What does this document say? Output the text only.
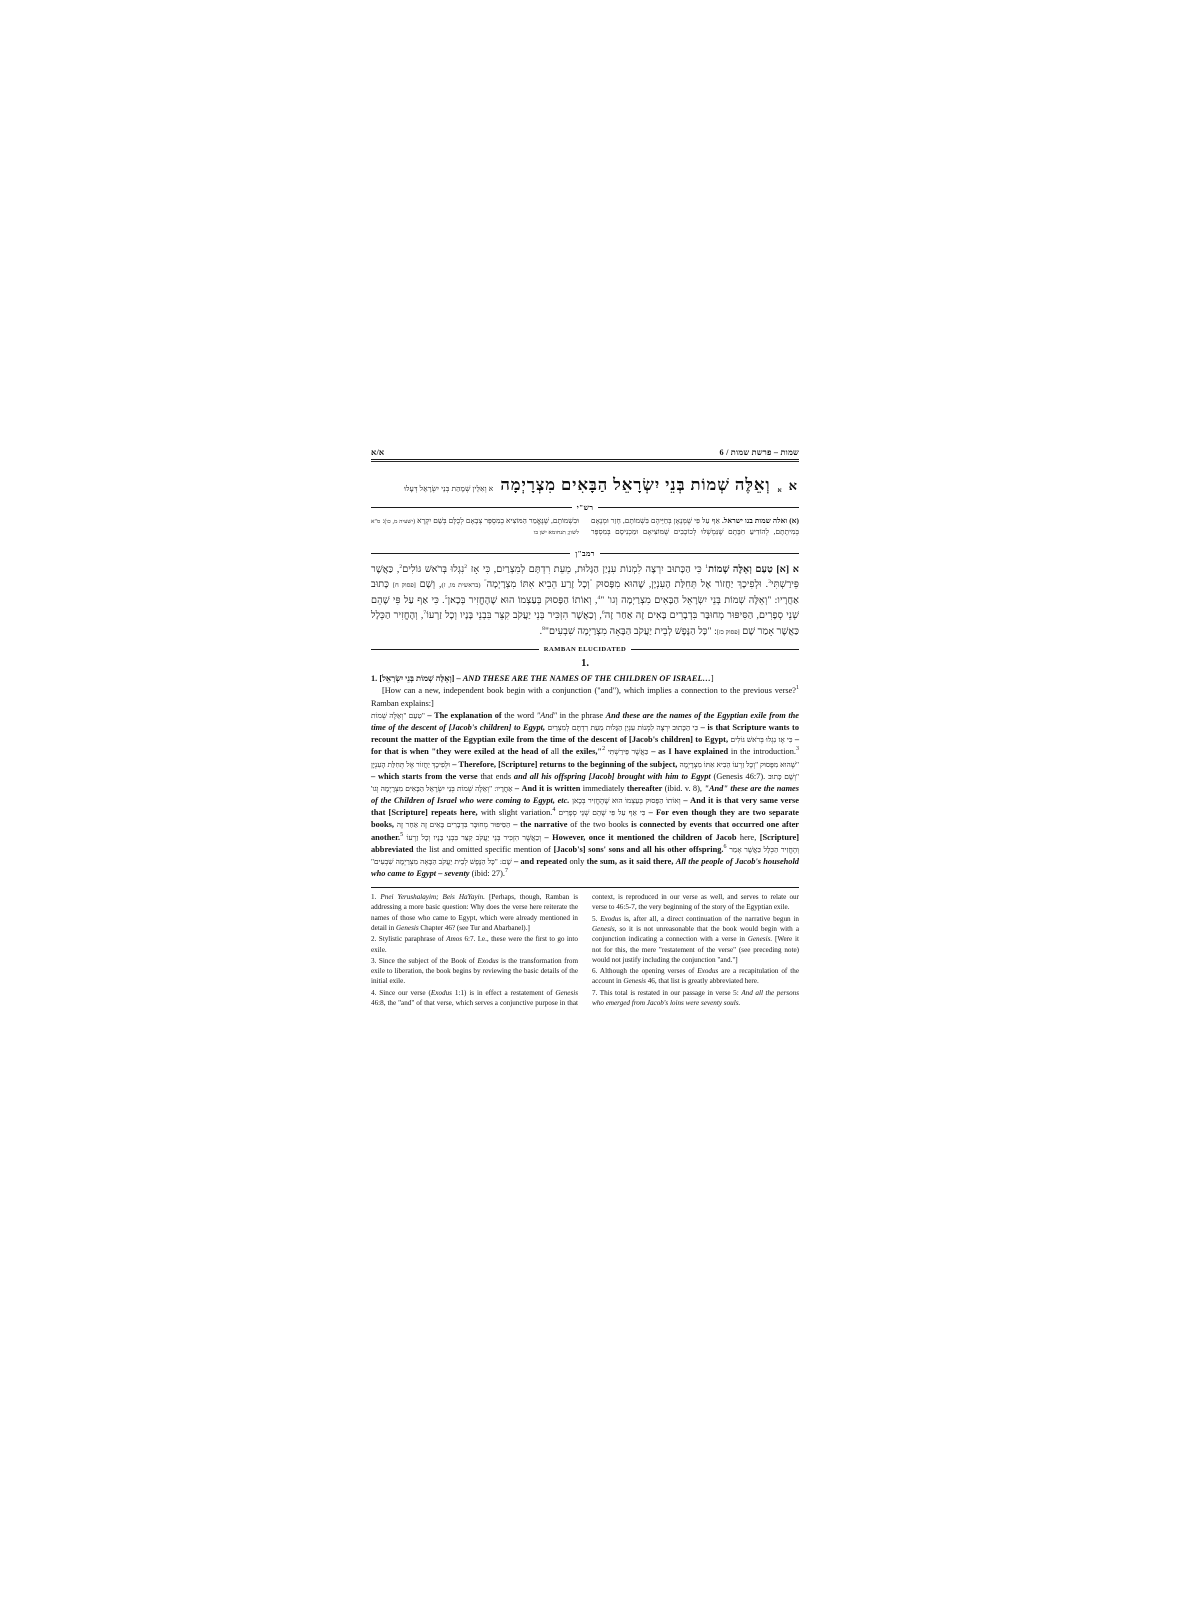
א/א	שמות – פרשת שמות / 6
א
א
וְאֵלֶּה שְׁמוֹת בְּנֵי יִשְׂרָאֵל הַבָּאִים מִצְרָיְמָה
א וְאִלֵּין שְׁמָהַת בְּנֵי יִשְׂרָאֵל דְּעָלוּ
רש"י
(א) ואלה שמות בנו ישראל. אַף עַל פִּי שֶׁמְּנָאָן בְּחַיֵּיהֶם בִּשְׁמוֹתָם, חָזַר וּמְנָאָם בְּמִיתָתָם, לְהוֹדִיעַ חִבָּתָם שֶׁנִּמְשְׁלוּ לְכוֹכָבִים שֶׁמּוֹצִיאָם וּמַכְנִיסָם בְּמִסְפָּר וּבִשְׁמוֹתָם, שֶׁנֶּאֱמַר הַמּוֹצִיא בְמִסְפָּר צְבָאָם לְכֻלָּם בְּשֵׁם יִקְרָא (ישעיה מ, כו): ס"א לשון; תנחומא ישן בו
רמב"ן
א [א] טַעַם וְאֵלֶּה שְׁמוֹת$^1$ כִּי הַכָּתוּב יִרְצֶה לִמְנוֹת עִנְיַן הַגָּלוּת, מֵעֵת רִדְתָּם לְמִצְרַיִם, כִּי אָז $^2$נִגְלוּ בְּרֹאשׁ גּוֹלִים$^2$, כַּאֲשֶׁר פֵּירַשְׁתִּי$^3$. וּלְפִיכָךְ יַחֲזוֹר אֶל תְּחִלַּת הָעִנְיָן, שֶׁהוּא מִפָּסוּק "וְכָל זֶרַע הֵבִיא אִתּוֹ מִצְרָיְמָה" (בראשית מו, ז), וְשָׁם [פסוק ח] כָּתוּב אַחֲרָיו: "וְאֵלֶּה שְׁמוֹת בְּנֵי יִשְׂרָאֵל הַבָּאִים מִצְרַיְמָה וְגו' "$^4$, וְאוֹתוֹ הַפָּסוּק בְּעַצְמוֹ הוּא שֶׁהֶחֱזִיר בְּכָאן$^5$. כִּי אַף עַל פִּי שֶׁהֵם שְׁנֵי סְפָרִים, הַסִּיפּוּר מְחוּבָּר בִּדְבָרִים בָּאִים זֶה אַחַר זֶה$^6$, וְכַאֲשֶׁר הִזְכִּיר בְּנֵי יַעֲקֹב קִצֵּר בִּבְנֵי בָּנָיו וְכָל זַרְעוֹ$^7$, וְהֶחֱזִיר הַכְּלָל כַּאֲשֶׁר אָמַר שָׁם [פסוק כז]: "כָּל הַנֶּפֶשׁ לְבֵית יַעֲקֹב הַבָּאָה מִצְרַיְמָה שִׁבְעִים"$^8$.
RAMBAN ELUCIDATED
1.

1. [וְאֵלֶּה שְׁמוֹת בְּנֵי יִשְׂרָאֵל] – AND THESE ARE THE NAMES OF THE CHILDREN OF ISRAEL…]

[How can a new, independent book begin with a conjunction ("and"), which implies a connection to the previous verse?$^1$ Ramban explains:]

"טַעַם "וְאֵלֶּה שְׁמוֹת – The explanation of the word "And" in the phrase And these are the names of the Egyptian exile from the time of the descent of [Jacob's children] to Egypt, כִּי הַכָּתוּב יִרְצֶה לִמְנוֹת עִנְיַן הַגָּלוּת מֵעֵת רִדְתָּם לְמִצְרַיִם – is that Scripture wants to recount the matter of the Egyptian exile from the time of the descent of [Jacob's children] to Egypt, כִּי אָז נִגְלוּ בְּרֹאשׁ גּוֹלִים – for that is when "they were exiled at the head of all the exiles,"$^2$ כַּאֲשֶׁר פֵּירַשְׁתִּי – as I have explained in the introduction.$^3$ וּלְפִיכָךְ יַחֲזוֹר אֶל תְּחִלַּת הָעִנְיָן – Therefore, [Scripture] returns to the beginning of the subject, "שֶׁהוּא מִפָּסוּק "וְכָל זַרְעוֹ הֵבִיא אִתּוֹ מִצְרָיְמָה – which starts from the verse that ends and all his offspring [Jacob] brought with him to Egypt (Genesis 46:7). "וְשָׁם כָּתוּב אַחֲרָיו: "וְאֵלֶּה שְׁמוֹת בְּנֵי יִשְׂרָאֵל הַבָּאִים מִצְרָיְמָה וְגו' – And it is written immediately thereafter (ibid. v. 8), "And" these are the names of the Children of Israel who were coming to Egypt, etc. וְאוֹתוֹ הַפָּסוּק בְּעַצְמוֹ הוּא שֶׁהֶחֱזִיר בְּכָאן – And it is that very same verse that [Scripture] repeats here, with slight variation.$^4$ כִּי אַף עַל פִּי שֶׁהֵם שְׁנֵי סְפָרִים – For even though they are two separate books, הַסִּיפּוּר מְחוּבָּר בִּדְבָרִים בָּאִים זֶה אַחַר זֶה – the narrative of the two books is connected by events that occurred one after another.$^5$ וְכַאֲשֶׁר הִזְכִּיר בְּנֵי יַעֲקֹב קִצֵּר בִּבְנֵי בָּנָיו וְכָל זַרְעוֹ – However, once it mentioned the children of Jacob here, [Scripture] abbreviated the list and omitted specific mention of [Jacob's] sons' sons and all his other offspring.$^6$ וְהֶחֱזִיר הַכְּלָל כַּאֲשֶׁר אָמַר שָׁם: "כָּל הַנֶּפֶשׁ לְבֵית יַעֲקֹב הַבָּאָה מִצְרַיְמָה שִׁבְעִים" – and repeated only the sum, as it said there, All the people of Jacob's household who came to Egypt – seventy (ibid: 27).$^7$

1. Pnei Yerushalayim; Beis HaYayin. [Perhaps, though, Ramban is addressing a more basic question: Why does the verse here reiterate the names of those who came to Egypt, which were already mentioned in detail in Genesis Chapter 46? (see Tur and Abarbanel).]

2. Stylistic paraphrase of Amos 6:7. I.e., these were the first to go into exile.

3. Since the subject of the Book of Exodus is the transformation from exile to liberation, the book begins by reviewing the basic details of the initial exile.

4. Since our verse (Exodus 1:1) is in effect a restatement of Genesis 46:8, the "and" of that verse, which serves a conjunctive purpose in that context, is reproduced in our verse as well, and serves to relate our verse to 46:5-7, the very beginning of the story of the Egyptian exile.

5. Exodus is, after all, a direct continuation of the narrative begun in Genesis, so it is not unreasonable that the book would begin with a conjunction indicating a connection with a verse in Genesis. [Were it not for this, the mere "restatement of the verse" (see preceding note) would not justify including the conjunction "and."]

6. Although the opening verses of Exodus are a recapitulation of the account in Genesis 46, that list is greatly abbreviated here.

7. This total is restated in our passage in verse 5: And all the persons who emerged from Jacob's loins were seventy souls.
